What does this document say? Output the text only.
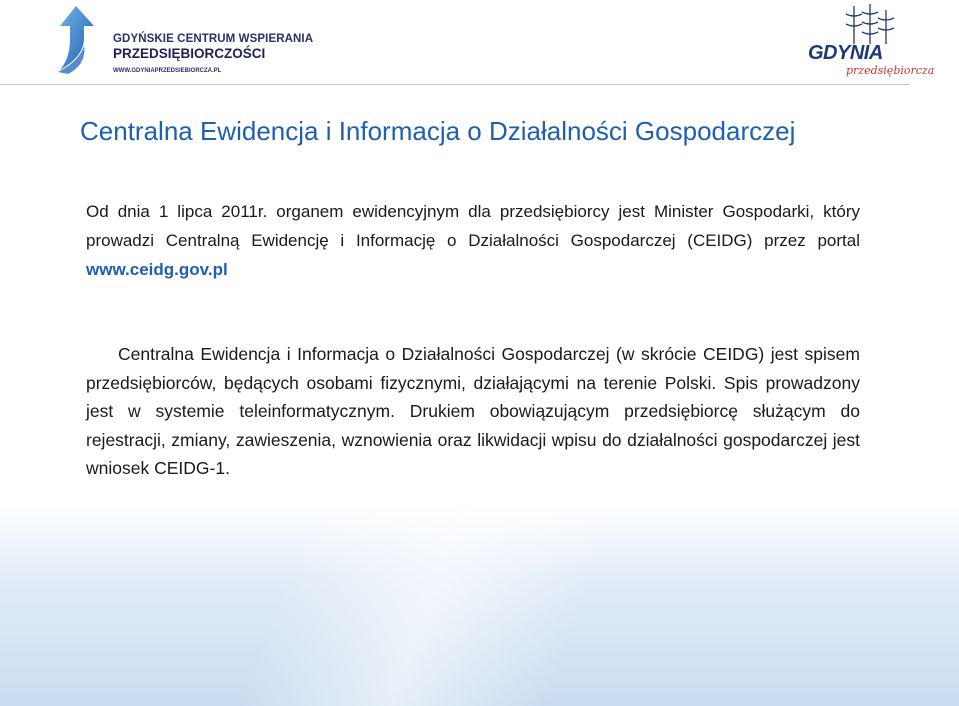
GDYŃSKIE CENTRUM WSPIERANIA
PRZEDSIĘBIORCZOŚCI
WWW.GDYNIAPRZEDSIEBIORCZA.PL
GDYNIA
przedsiębiorcza
Centralna Ewidencja i Informacja o Działalności Gospodarczej

Od dnia 1 lipca 2011r. organem ewidencyjnym dla przedsiębiorcy jest Minister Gospodarki, który prowadzi Centralną Ewidencję i Informację o Działalności Gospodarczej (CEIDG) przez portal www.ceidg.gov.pl

Centralna Ewidencja i Informacja o Działalności Gospodarczej (w skrócie CEIDG) jest spisem przedsiębiorców, będących osobami fizycznymi, działającymi na terenie Polski. Spis prowadzony jest w systemie teleinformatycznym. Drukiem obowiązującym przedsiębiorcę służącym do rejestracji, zmiany, zawieszenia, wznowienia oraz likwidacji wpisu do działalności gospodarczej jest wniosek CEIDG-1.
